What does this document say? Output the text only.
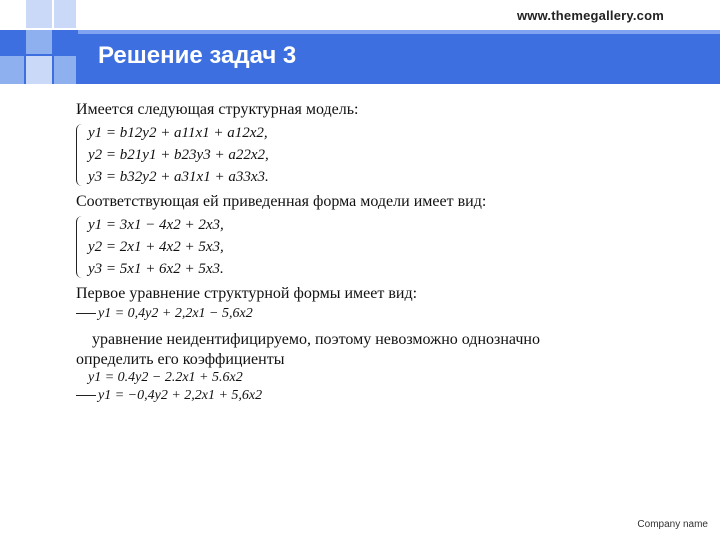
www.themegallery.com
Решение задач 3
Имеется следующая структурная модель:
y1 = b12y2 + a11x1 + a12x2,
y2 = b21y1 + b23y3 + a22x2,
y3 = b32y2 + a31x1 + a33x3.
Соответствующая ей приведенная форма модели имеет вид:
y1 = 3x1 − 4x2 + 2x3,
y2 = 2x1 + 4x2 + 5x3,
y3 = 5x1 + 6x2 + 5x3.
Первое уравнение структурной формы имеет вид:
y1 = 0,4y2 + 2,2x1 − 5,6x2
уравнение неидентифицируемо, поэтому невозможно однозначно
определить его коэффициенты
y1 = 0.4y2 − 2.2x1 + 5.6x2
y1 = −0,4y2 + 2,2x1 + 5,6x2
Company name
